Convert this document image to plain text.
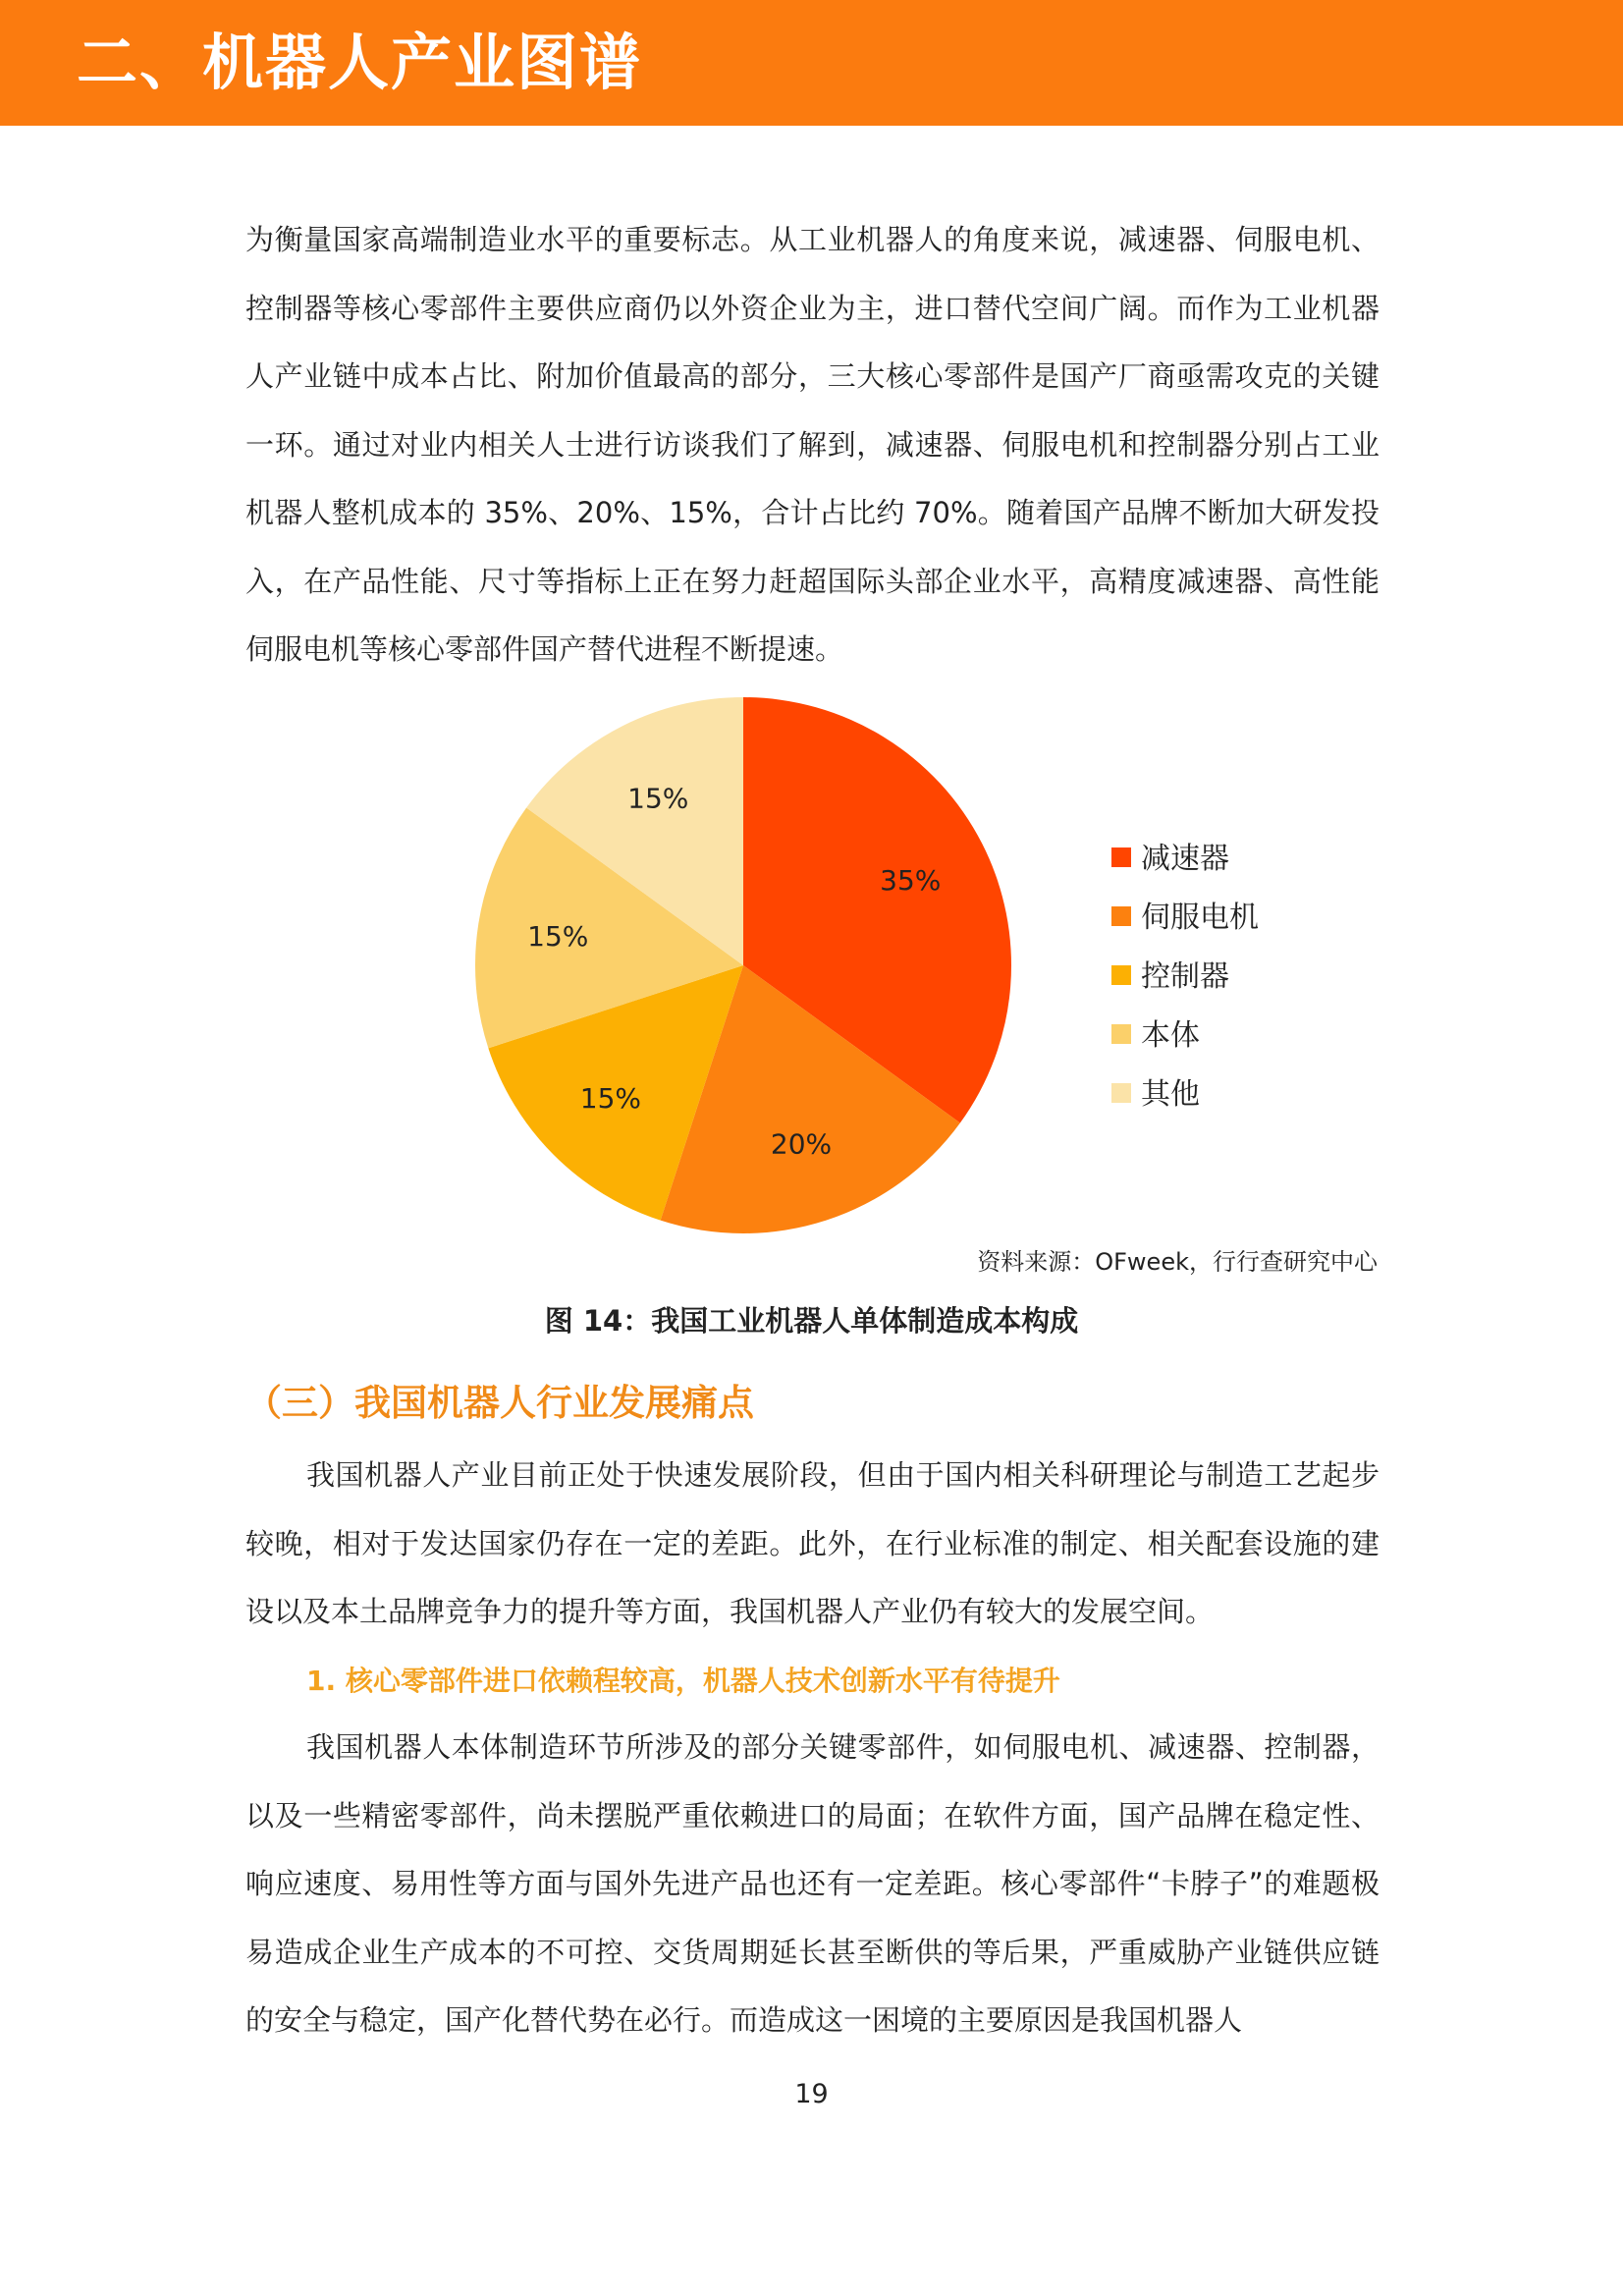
二、机器人产业图谱

为衡量国家高端制造业水平的重要标志。从工业机器人的角度来说，减速器、伺服电机、控制器等核心零部件主要供应商仍以外资企业为主，进口替代空间广阔。而作为工业机器人产业链中成本占比、附加价值最高的部分，三大核心零部件是国产厂商亟需攻克的关键一环。通过对业内相关人士进行访谈我们了解到，减速器、伺服电机和控制器分别占工业机器人整机成本的 35%、20%、15%，合计占比约 70%。随着国产品牌不断加大研发投入，在产品性能、尺寸等指标上正在努力赶超国际头部企业水平，高精度减速器、高性能伺服电机等核心零部件国产替代进程不断提速。

35%
20%
15%
15%
15%
减速器
伺服电机
控制器
本体
其他
资料来源：OFweek，行行查研究中心
图 14：我国工业机器人单体制造成本构成
（三）我国机器人行业发展痛点

我国机器人产业目前正处于快速发展阶段，但由于国内相关科研理论与制造工艺起步较晚，相对于发达国家仍存在一定的差距。此外，在行业标准的制定、相关配套设施的建设以及本土品牌竞争力的提升等方面，我国机器人产业仍有较大的发展空间。

1. 核心零部件进口依赖程较高，机器人技术创新水平有待提升

我国机器人本体制造环节所涉及的部分关键零部件，如伺服电机、减速器、控制器，以及一些精密零部件，尚未摆脱严重依赖进口的局面；在软件方面，国产品牌在稳定性、响应速度、易用性等方面与国外先进产品也还有一定差距。核心零部件“卡脖子”的难题极易造成企业生产成本的不可控、交货周期延长甚至断供的等后果，严重威胁产业链供应链的安全与稳定，国产化替代势在必行。而造成这一困境的主要原因是我国机器人

19
